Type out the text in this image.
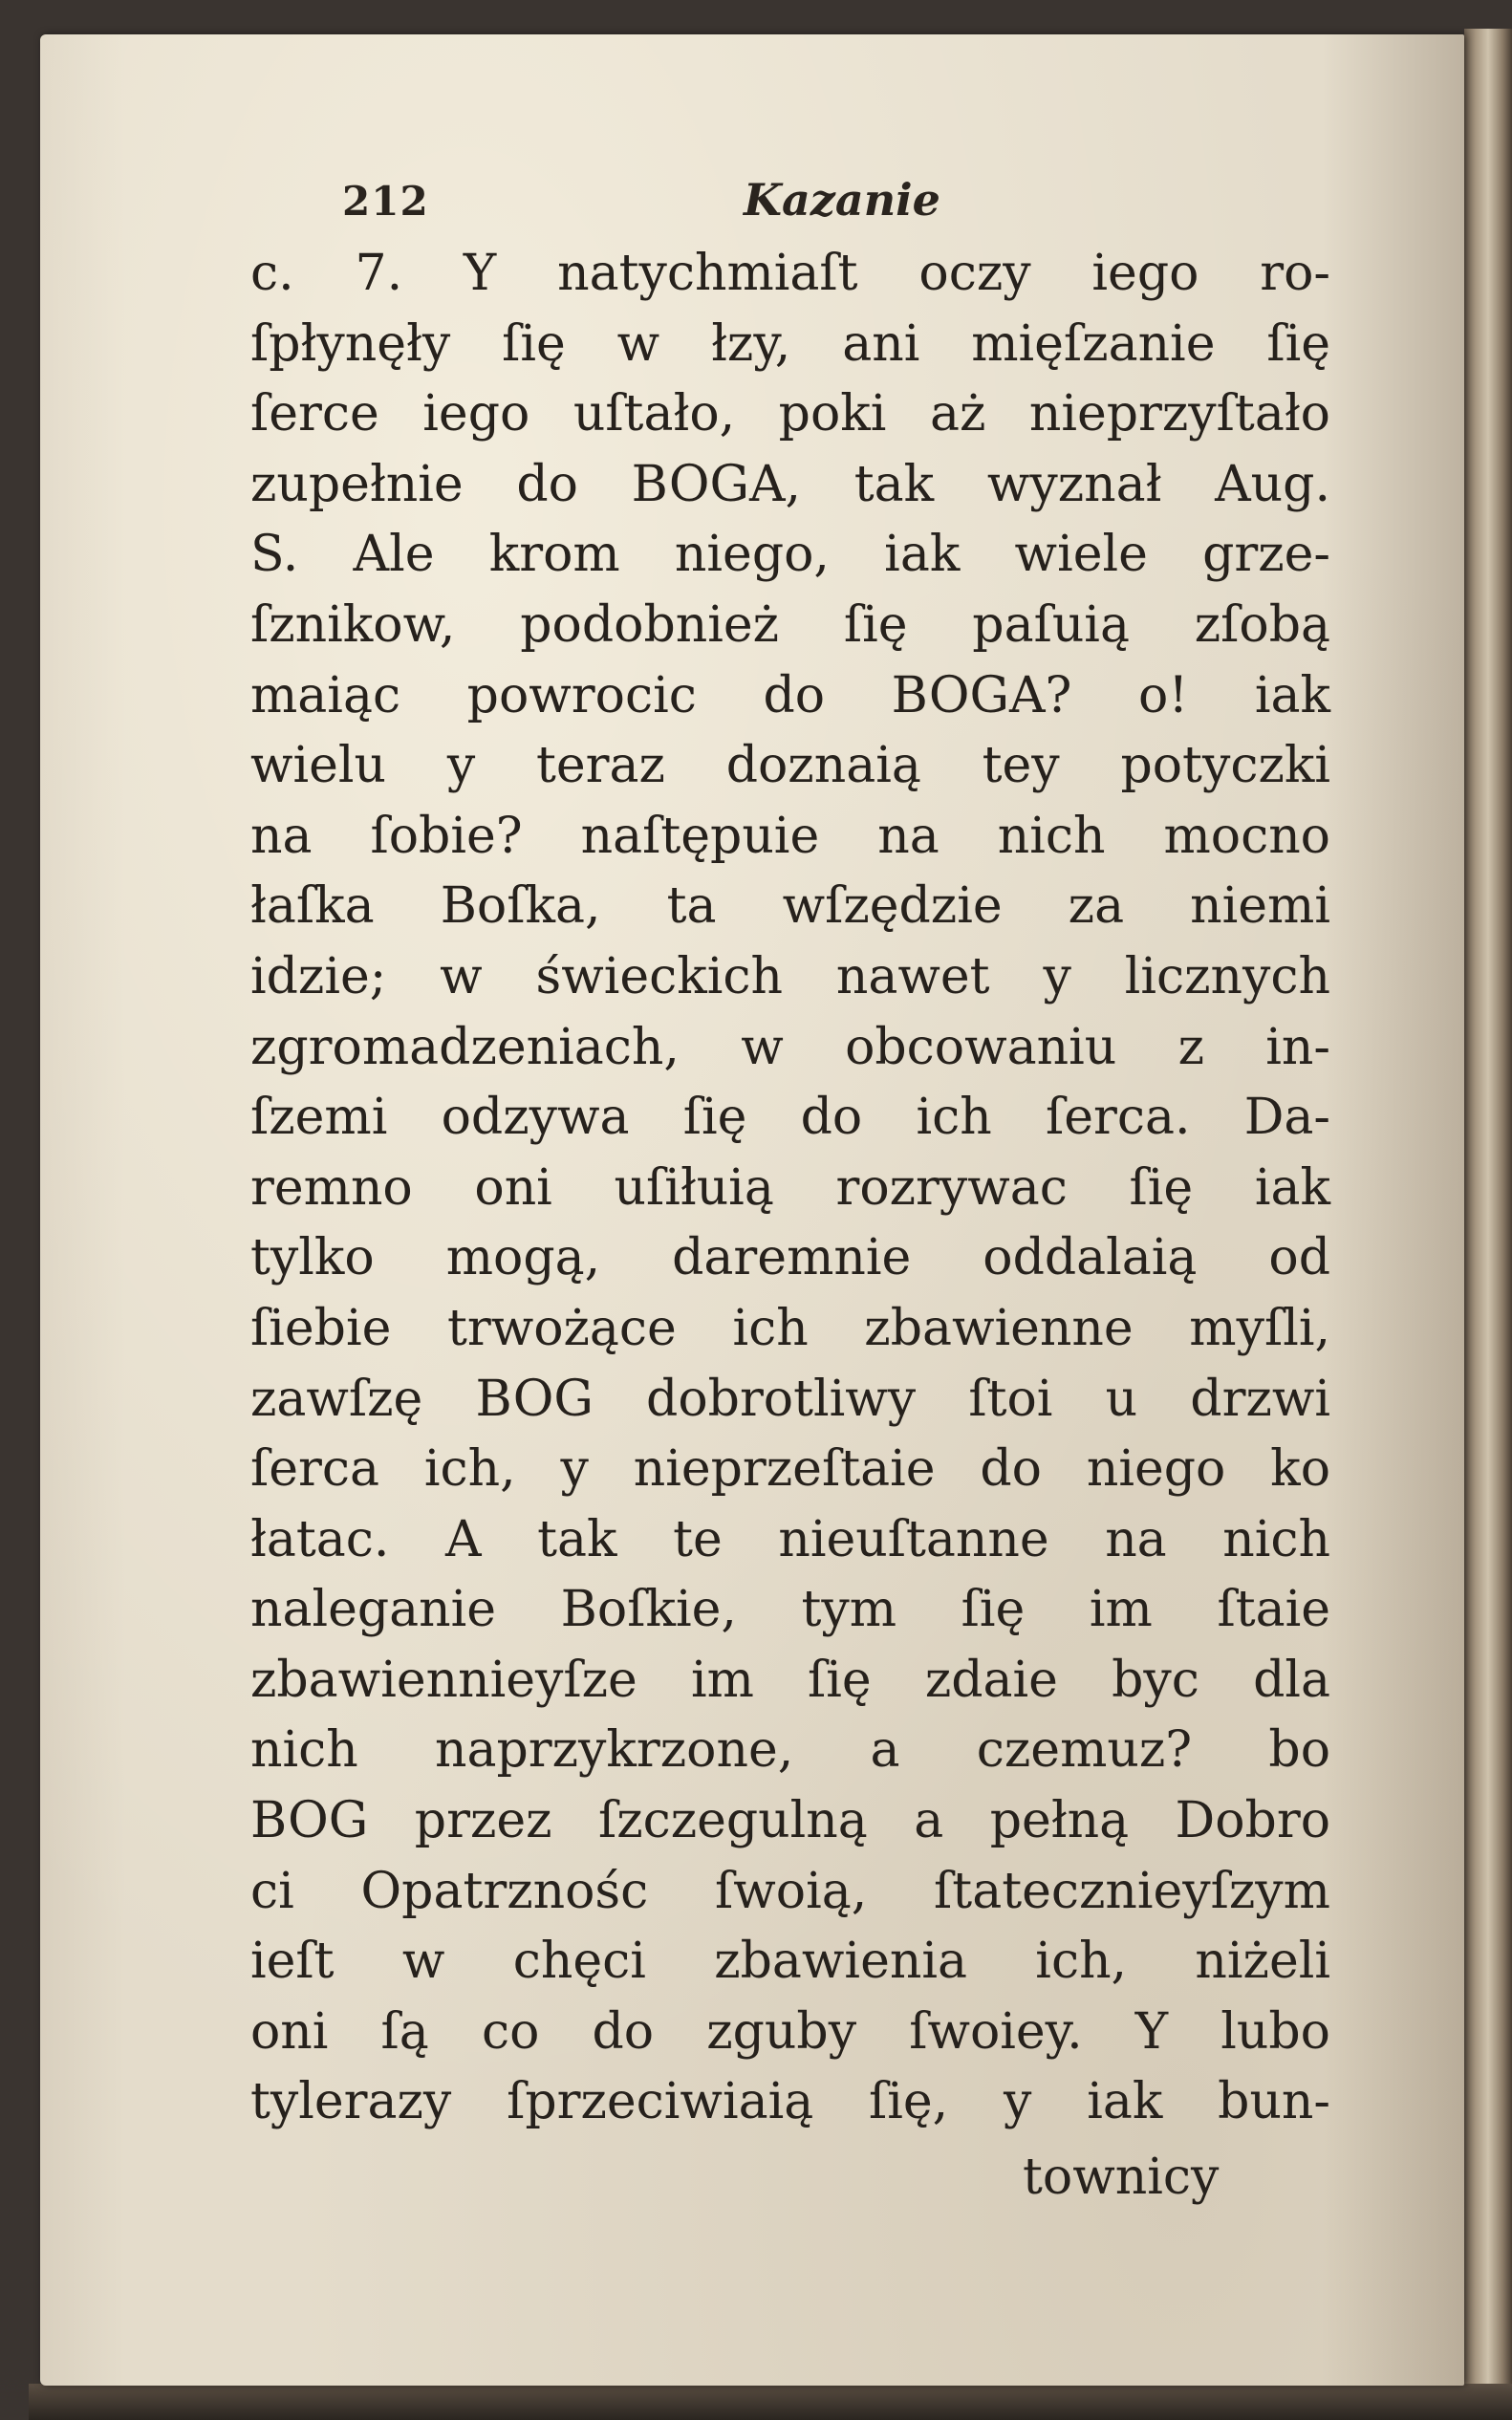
212	Kazanie
c. 7. Y natychmiaſt oczy iego ro-
ſpłynęły ſię w łzy, ani mięſzanie ſię
ſerce iego uſtało, poki aż nieprzyſtało
zupełnie do BOGA, tak wyznał Aug.
S. Ale krom niego, iak wiele grze-
ſznikow, podobnież ſię paſuią zſobą
maiąc powrocic do BOGA? o! iak
wielu y teraz doznaią tey potyczki
na ſobie? naſtępuie na nich mocno
łaſka Boſka, ta wſzędzie za niemi
idzie; w świeckich nawet y licznych
zgromadzeniach, w obcowaniu z in-
ſzemi odzywa ſię do ich ſerca. Da-
remno oni uſiłuią rozrywac ſię iak
tylko mogą, daremnie oddalaią od
ſiebie trwożące ich zbawienne myſli,
zawſzę BOG dobrotliwy ſtoi u drzwi
ſerca ich, y nieprzeſtaie do niego ko
łatac. A tak te nieuſtanne na nich
naleganie Boſkie, tym ſię im ſtaie
zbawiennieyſze im ſię zdaie byc dla
nich naprzykrzone, a czemuz? bo
BOG przez ſzczegulną a pełną Dobro
ci Opatrznośc ſwoią, ſtatecznieyſzym
ieſt w chęci zbawienia ich, niżeli
oni ſą co do zguby ſwoiey. Y lubo
tylerazy ſprzeciwiaią ſię, y iak bun-
townicy
